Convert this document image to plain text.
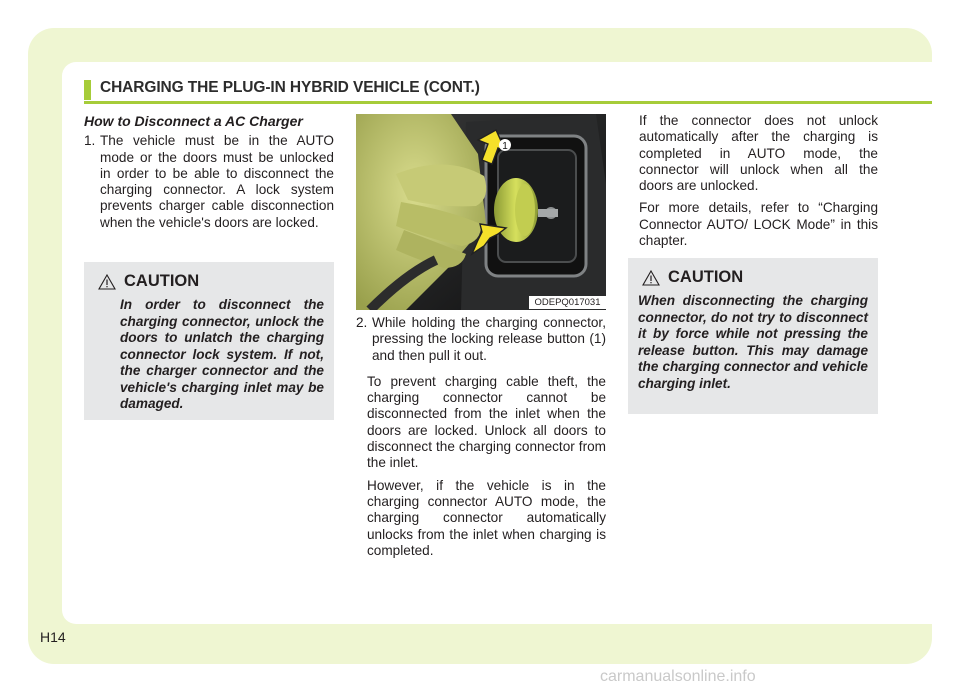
CHARGING THE PLUG-IN HYBRID VEHICLE (CONT.)

How to Disconnect a AC Charger

1. The vehicle must be in the AUTO mode or the doors must be unlocked in order to be able to disconnect the charging connector. A lock system prevents charger cable disconnection when the vehicle's doors are locked.
CAUTION
In order to disconnect the charging connector, unlock the doors to unlatch the charging connector lock system. If not, the charger connector and the vehicle's charging inlet may be damaged.
1
ODEPQ017031
2. While holding the charging connector, pressing the locking release button (1) and then pull it out.

To prevent charging cable theft, the charging connector cannot be disconnected from the inlet when the doors are locked. Unlock all doors to disconnect the charging connector from the inlet.

However, if the vehicle is in the charging connector AUTO mode, the charging connector automatically unlocks from the inlet when charging is completed.

If the connector does not unlock automatically after the charging is completed in AUTO mode, the connector will unlock when all the doors are unlocked.

For more details, refer to “Charging Connector AUTO/ LOCK Mode” in this chapter.

CAUTION
When disconnecting the charging connector, do not try to disconnect it by force while not pressing the release button. This may damage the charging connector and vehicle charging inlet.
H14
carmanualsonline.info
